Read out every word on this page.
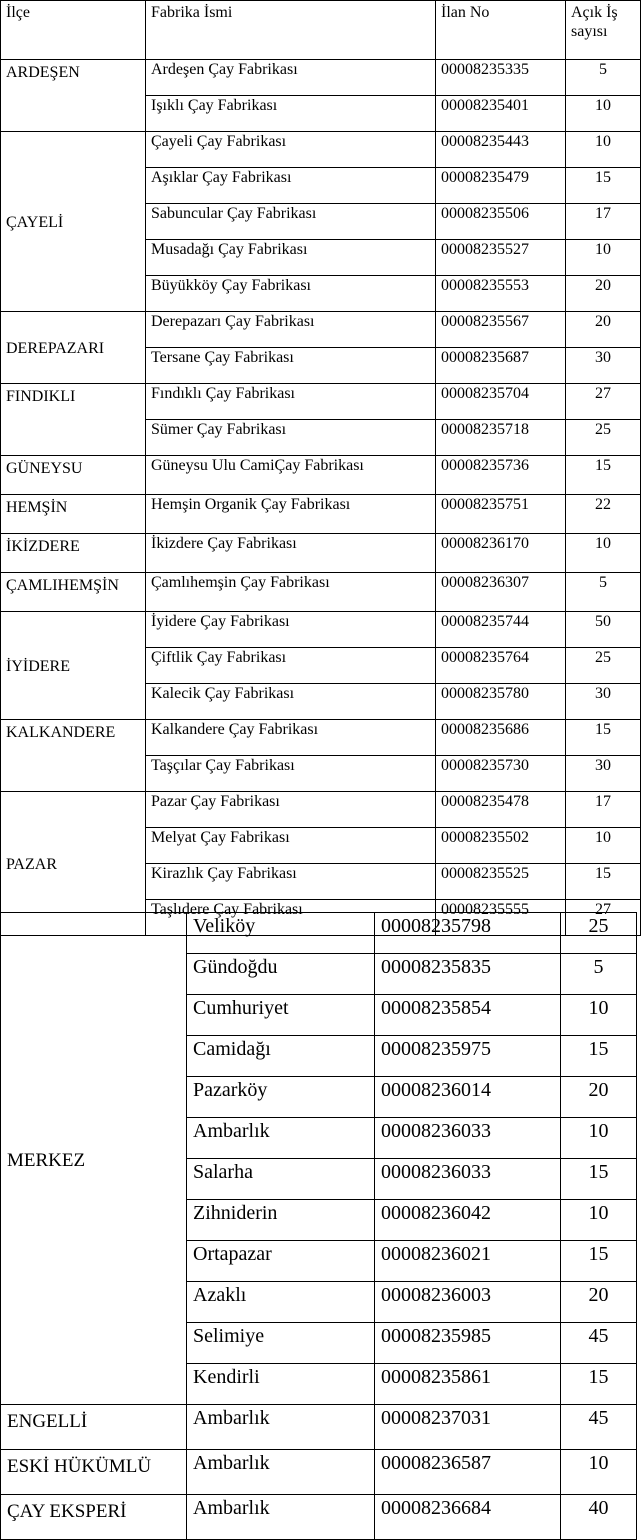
İlçe	Fabrika İsmi	İlan No	Açık İş sayısı
ARDEŞEN	Ardeşen Çay Fabrikası	00008235335	5
	Işıklı Çay Fabrikası	00008235401	10
ÇAYELİ	Çayeli Çay Fabrikası	00008235443	10
	Aşıklar Çay Fabrikası	00008235479	15
	Sabuncular Çay Fabrikası	00008235506	17
	Musadağı Çay Fabrikası	00008235527	10
	Büyükköy Çay Fabrikası	00008235553	20
DEREPAZARI	Derepazarı Çay Fabrikası	00008235567	20
	Tersane Çay Fabrikası	00008235687	30
FINDIKLI	Fındıklı Çay Fabrikası	00008235704	27
	Sümer Çay Fabrikası	00008235718	25
GÜNEYSU	Güneysu Ulu CamiÇay Fabrikası	00008235736	15
HEMŞİN	Hemşin Organik Çay Fabrikası	00008235751	22
İKİZDERE	İkizdere Çay Fabrikası	00008236170	10
ÇAMLIHEMŞİN	Çamlıhemşin Çay Fabrikası	00008236307	5
İYİDERE	İyidere Çay Fabrikası	00008235744	50
	Çiftlik Çay Fabrikası	00008235764	25
	Kalecik Çay Fabrikası	00008235780	30
KALKANDERE	Kalkandere Çay Fabrikası	00008235686	15
	Taşçılar Çay Fabrikası	00008235730	30
PAZAR	Pazar Çay Fabrikası	00008235478	17
	Melyat Çay Fabrikası	00008235502	10
	Kirazlık Çay Fabrikası	00008235525	15
	Taşlıdere Çay Fabrikası	00008235555	27
MERKEZ	Veliköy	00008235798	25
	Gündoğdu	00008235835	5
	Cumhuriyet	00008235854	10
	Camidağı	00008235975	15
	Pazarköy	00008236014	20
	Ambarlık	00008236033	10
	Salarha	00008236033	15
	Zihniderin	00008236042	10
	Ortapazar	00008236021	15
	Azaklı	00008236003	20
	Selimiye	00008235985	45
	Kendirli	00008235861	15
ENGELLİ	Ambarlık	00008237031	45
ESKİ HÜKÜMLÜ	Ambarlık	00008236587	10
ÇAY EKSPERİ	Ambarlık	00008236684	40
